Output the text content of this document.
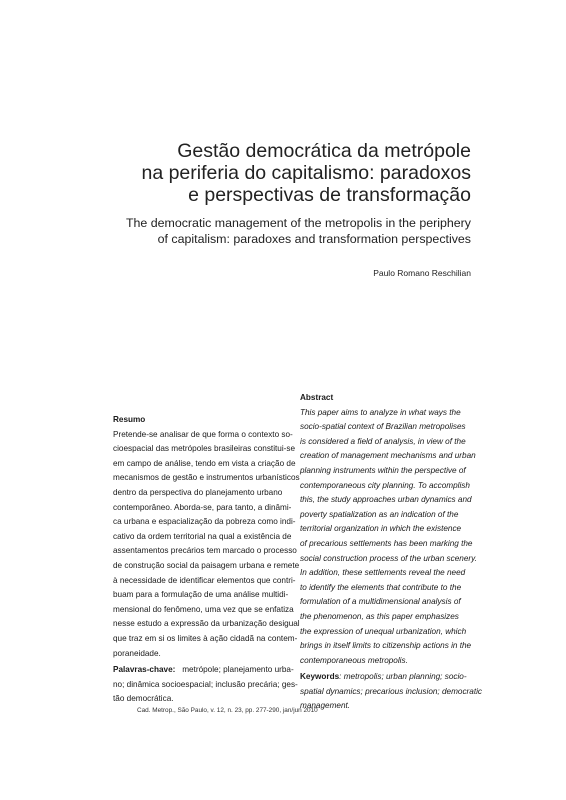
Gestão democrática da metrópole
na periferia do capitalismo: paradoxos
e perspectivas de transformação
The democratic management of the metropolis in the periphery
of capitalism: paradoxes and transformation perspectives
Paulo Romano Reschilian
Resumo
Pretende-se analisar de que forma o contexto so-
cioespacial das metrópoles brasileiras constitui-se
em campo de análise, tendo em vista a criação de
mecanismos de gestão e instrumentos urbanísticos
dentro da perspectiva do planejamento urbano
contemporâneo. Aborda-se, para tanto, a dinâmi-
ca urbana e espacialização da pobreza como indi-
cativo da ordem territorial na qual a existência de
assentamentos precários tem marcado o processo
de construção social da paisagem urbana e remete
à necessidade de identificar elementos que contri-
buam para a formulação de uma análise multidi-
mensional do fenômeno, uma vez que se enfatiza
nesse estudo a expressão da urbanização desigual
que traz em si os limites à ação cidadã na contem-
poraneidade.
Palavras-chave: metrópole; planejamento urba-
no; dinâmica socioespacial; inclusão precária; ges-
tão democrática.
Abstract
This paper aims to analyze in what ways the
socio-spatial context of Brazilian metropolises
is considered a field of analysis, in view of the
creation of management mechanisms and urban
planning instruments within the perspective of
contemporaneous city planning. To accomplish
this, the study approaches urban dynamics and
poverty spatialization as an indication of the
territorial organization in which the existence
of precarious settlements has been marking the
social construction process of the urban scenery.
In addition, these settlements reveal the need
to identify the elements that contribute to the
formulation of a multidimensional analysis of
the phenomenon, as this paper emphasizes
the expression of unequal urbanization, which
brings in itself limits to citizenship actions in the
contemporaneous metropolis.
Keywords: metropolis; urban planning; socio-
spatial dynamics; precarious inclusion; democratic
management.
Cad. Metrop., São Paulo, v. 12, n. 23, pp. 277-290, jan/jun 2010
